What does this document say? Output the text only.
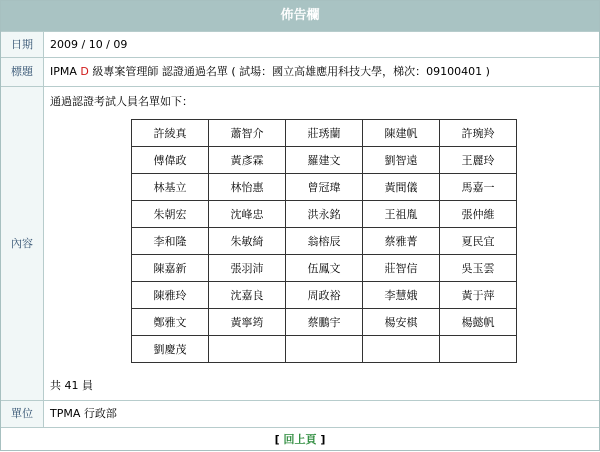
佈告欄
日期	2009 / 10 / 09
標題	IPMA D 級專案管理師 認證通過名單 ( 試場：國立高雄應用科技大學，梯次：09100401 )
內容
通過認證考試人員名單如下：
許綾真	蕭智介	莊琇蘭	陳建帆	許琬羚
傅偉政	黃彥霖	羅建文	劉智遠	王麗玲
林基立	林怡惠	曾冠瑋	黃間儀	馬嘉一
朱朝宏	沈峰忠	洪永銘	王祖胤	張仲維
李和隆	朱敏綺	翁榕辰	蔡雅菁	夏民宜
陳嘉新	張羽沛	伍鳳文	莊智信	吳玉雲
陳雅玲	沈嘉良	周政裕	李慧娥	黃于萍
鄭雅文	黃寧筠	蔡鵬宇	楊安棋	楊懿帆
劉慶茂				
共 41 員
單位	TPMA 行政部
[ 回上頁 ]
